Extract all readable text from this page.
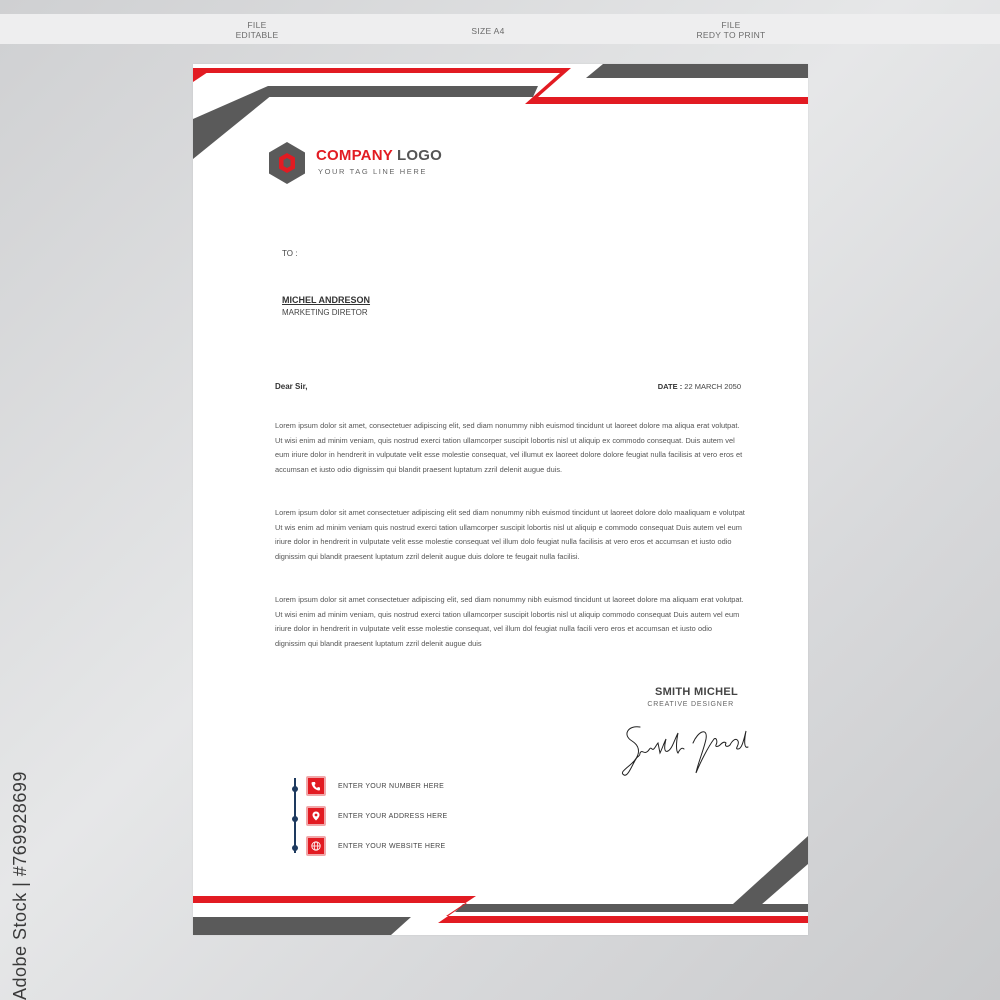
FILE
EDITABLE	SIZE A4
FILE
REDY TO PRINT
Adobe Stock | #769928699
COMPANY LOGO
YOUR TAG LINE HERE
TO :
MICHEL ANDRESON
MARKETING DIRETOR
Dear Sir,	DATE : 22 MARCH 2050
Lorem ipsum dolor sit amet, consectetuer adipiscing elit, sed diam nonummy nibh euismod tincidunt ut laoreet dolore ma aliqua erat volutpat. Ut wisi enim ad minim veniam, quis nostrud exerci tation ullamcorper suscipit lobortis nisl ut aliquip ex commodo consequat. Duis autem vel eum iriure dolor in hendrerit in vulputate velit esse molestie consequat, vel illumut ex laoreet dolore dolore feugiat nulla facilisis at vero eros et accumsan et iusto odio dignissim qui blandit praesent luptatum zzril delenit augue duis.
Lorem ipsum dolor sit amet consectetuer adipiscing elit sed diam nonummy nibh euismod tincidunt ut laoreet dolore dolo maaliquam e volutpat Ut wis enim ad minim veniam quis nostrud exerci tation ullamcorper suscipit lobortis nisl ut aliquip e commodo consequat Duis autem vel eum iriure dolor in hendrerit in vulputate velit esse molestie consequat vel illum dolo feugiat nulla facilisis at vero eros et accumsan et iusto odio dignissim qui blandit praesent luptatum zzril delenit augue duis dolore te feugait nulla facilisi.
Lorem ipsum dolor sit amet consectetuer adipiscing elit, sed diam nonummy nibh euismod tincidunt ut laoreet dolore ma aliquam erat volutpat. Ut wisi enim ad minim veniam, quis nostrud exerci tation ullamcorper suscipit lobortis nisl ut aliquip commodo consequat Duis autem vel eum iriure dolor in hendrerit in vulputate velit esse molestie consequat, vel illum dol feugiat nulla facili vero eros et accumsan et iusto odio dignissim qui blandit praesent luptatum zzril delenit augue duis
SMITH MICHEL
CREATIVE DESIGNER
ENTER YOUR NUMBER HERE
ENTER YOUR ADDRESS HERE
ENTER YOUR WEBSITE HERE
